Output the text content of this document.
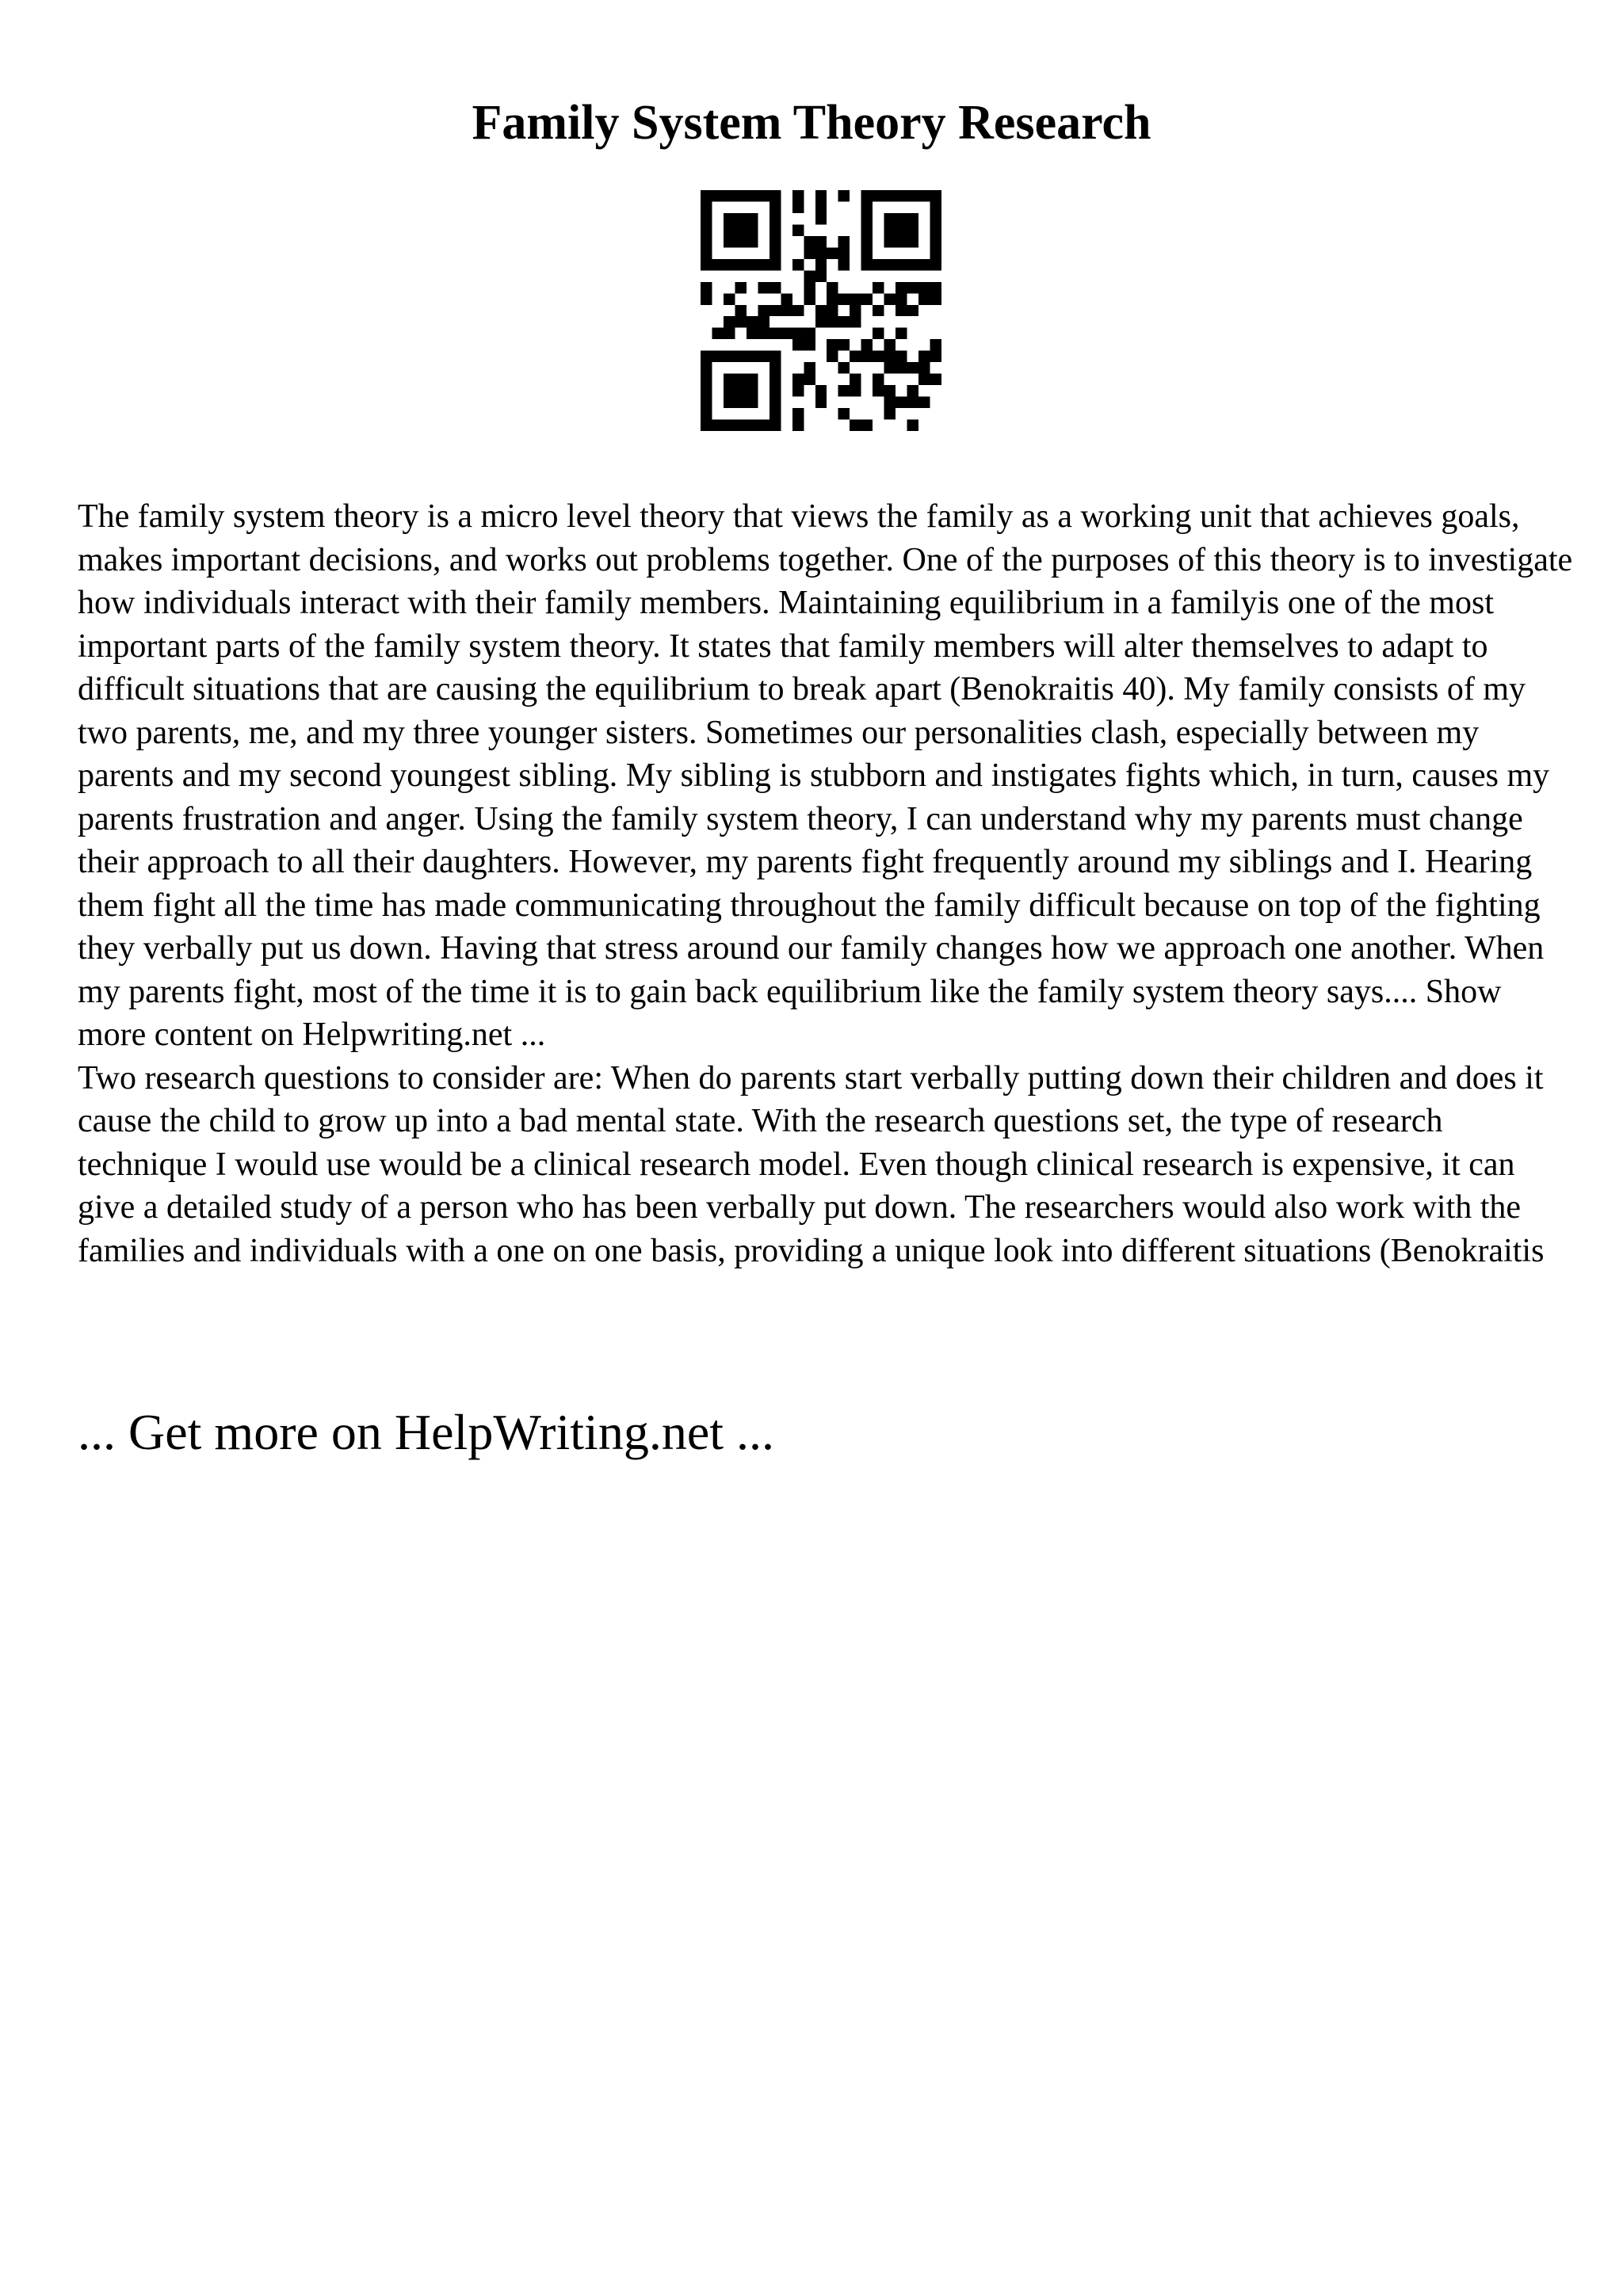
Family System Theory Research

The family system theory is a micro level theory that views the family as a working unit that achieves goals, makes important decisions, and works out problems together. One of the purposes of this theory is to investigate how individuals interact with their family members. Maintaining equilibrium in a familyis one of the most important parts of the family system theory. It states that family members will alter themselves to adapt to difficult situations that are causing the equilibrium to break apart (Benokraitis 40). My family consists of my two parents, me, and my three younger sisters. Sometimes our personalities clash, especially between my parents and my second youngest sibling. My sibling is stubborn and instigates fights which, in turn, causes my parents frustration and anger. Using the family system theory, I can understand why my parents must change their approach to all their daughters. However, my parents fight frequently around my siblings and I. Hearing them fight all the time has made communicating throughout the family difficult because on top of the fighting they verbally put us down. Having that stress around our family changes how we approach one another. When my parents fight, most of the time it is to gain back equilibrium like the family system theory says.... Show more content on Helpwriting.net ...

Two research questions to consider are: When do parents start verbally putting down their children and does it cause the child to grow up into a bad mental state. With the research questions set, the type of research technique I would use would be a clinical research model. Even though clinical research is expensive, it can give a detailed study of a person who has been verbally put down. The researchers would also work with the families and individuals with a one on one basis, providing a unique look into different situations (Benokraitis

... Get more on HelpWriting.net ...
